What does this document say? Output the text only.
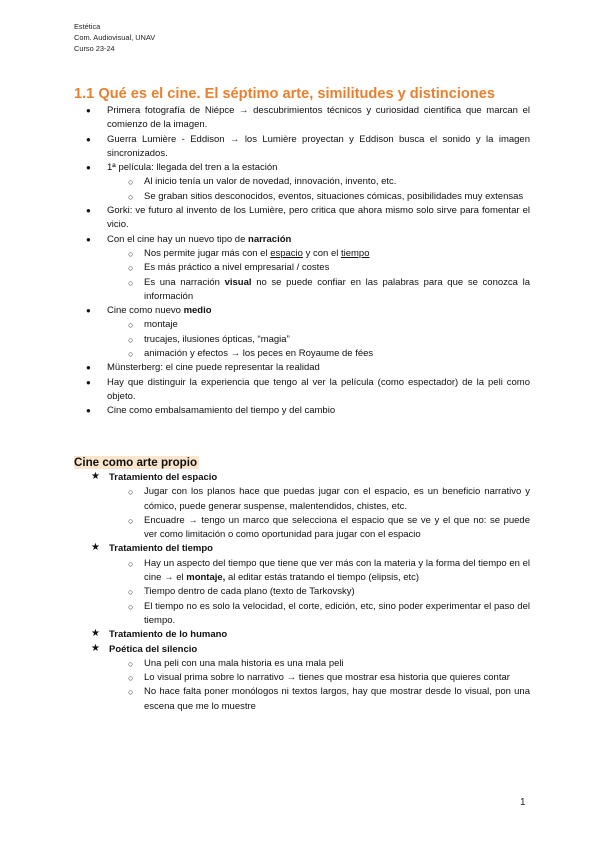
Estética
Com. Audiovisual, UNAV
Curso 23-24
1.1 Qué es el cine. El séptimo arte, similitudes y distinciones
● Primera fotografía de Niépce → descubrimientos técnicos y curiosidad científica que marcan el comienzo de la imagen.
● Guerra Lumière - Eddison → los Lumière proyectan y Eddison busca el sonido y la imagen sincronizados.
● 1ª película: llegada del tren a la estación
○ Al inicio tenía un valor de novedad, innovación, invento, etc.
○ Se graban sitios desconocidos, eventos, situaciones cómicas, posibilidades muy extensas
● Gorki: ve futuro al invento de los Lumière, pero critica que ahora mismo solo sirve para fomentar el vicio.
● Con el cine hay un nuevo tipo de narración
○ Nos permite jugar más con el espacio y con el tiempo
○ Es más práctico a nivel empresarial / costes
○ Es una narración visual no se puede confiar en las palabras para que se conozca la información
● Cine como nuevo medio
○ montaje
○ trucajes, ilusiones ópticas, “magia”
○ animación y efectos → los peces en Royaume de fées
● Münsterberg: el cine puede representar la realidad
● Hay que distinguir la experiencia que tengo al ver la película (como espectador) de la peli como objeto.
● Cine como embalsamamiento del tiempo y del cambio
Cine como arte propio
★ Tratamiento del espacio
○ Jugar con los planos hace que puedas jugar con el espacio, es un beneficio narrativo y cómico, puede generar suspense, malentendidos, chistes, etc.
○ Encuadre → tengo un marco que selecciona el espacio que se ve y el que no: se puede ver como limitación o como oportunidad para jugar con el espacio
★ Tratamiento del tiempo
○ Hay un aspecto del tiempo que tiene que ver más con la materia y la forma del tiempo en el cine → el montaje, al editar estás tratando el tiempo (elipsis, etc)
○ Tiempo dentro de cada plano (texto de Tarkovsky)
○ El tiempo no es solo la velocidad, el corte, edición, etc, sino poder experimentar el paso del tiempo.
★ Tratamiento de lo humano
★ Poética del silencio
○ Una peli con una mala historia es una mala peli
○ Lo visual prima sobre lo narrativo → tienes que mostrar esa historia que quieres contar
○ No hace falta poner monólogos ni textos largos, hay que mostrar desde lo visual, pon una escena que me lo muestre
1
